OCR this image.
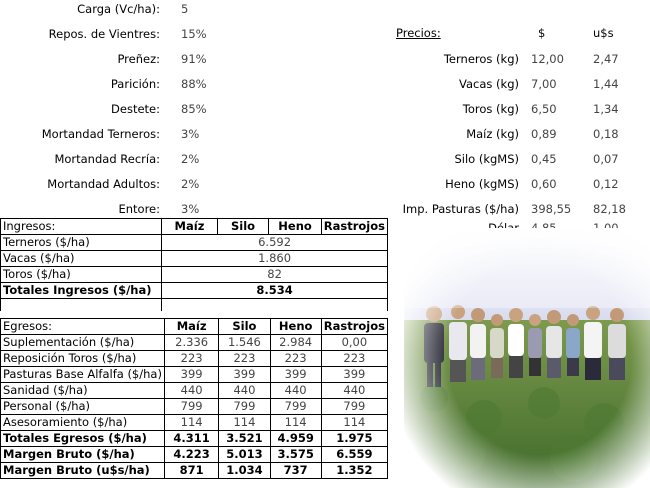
Carga (Vc/ha): 5
Repos. de Vientres: 15%
Preñez: 91%
Parición: 88%
Destete: 85%
Mortandad Terneros: 3%
Mortandad Recría: 2%
Mortandad Adultos: 2%
Entore: 3%
Precios:	$	u$s
Terneros (kg) 12,00	2,47
Vacas (kg) 7,00	1,44
Toros (kg) 6,50	1,34
Maíz (kg) 0,89	0,18
Silo (kgMS) 0,45	0,07
Heno (kgMS) 0,60	0,12
Imp. Pasturas ($/ha) 398,55 82,18
Ingresos:	Maíz	Silo	Heno	Rastrojos
Terneros ($/ha)	6.592			
Vacas ($/ha)	1.860			
Toros ($/ha)	82			
Totales Ingresos ($/ha)	8.534			

Egresos:	Maíz	Silo	Heno	Rastrojos
Suplementación ($/ha)	2.336	1.546	2.984	0,00
Reposición Toros ($/ha)	223	223	223	223
Pasturas Base Alfalfa ($/ha)	399	399	399	399
Sanidad ($/ha)	440	440	440	440
Personal ($/ha)	799	799	799	799
Asesoramiento ($/ha)	114	114	114	114
Totales Egresos ($/ha)	4.311	3.521	4.959	1.975
Margen Bruto ($/ha)	4.223	5.013	3.575	6.559
Margen Bruto (u$s/ha)	871	1.034	737	1.352
